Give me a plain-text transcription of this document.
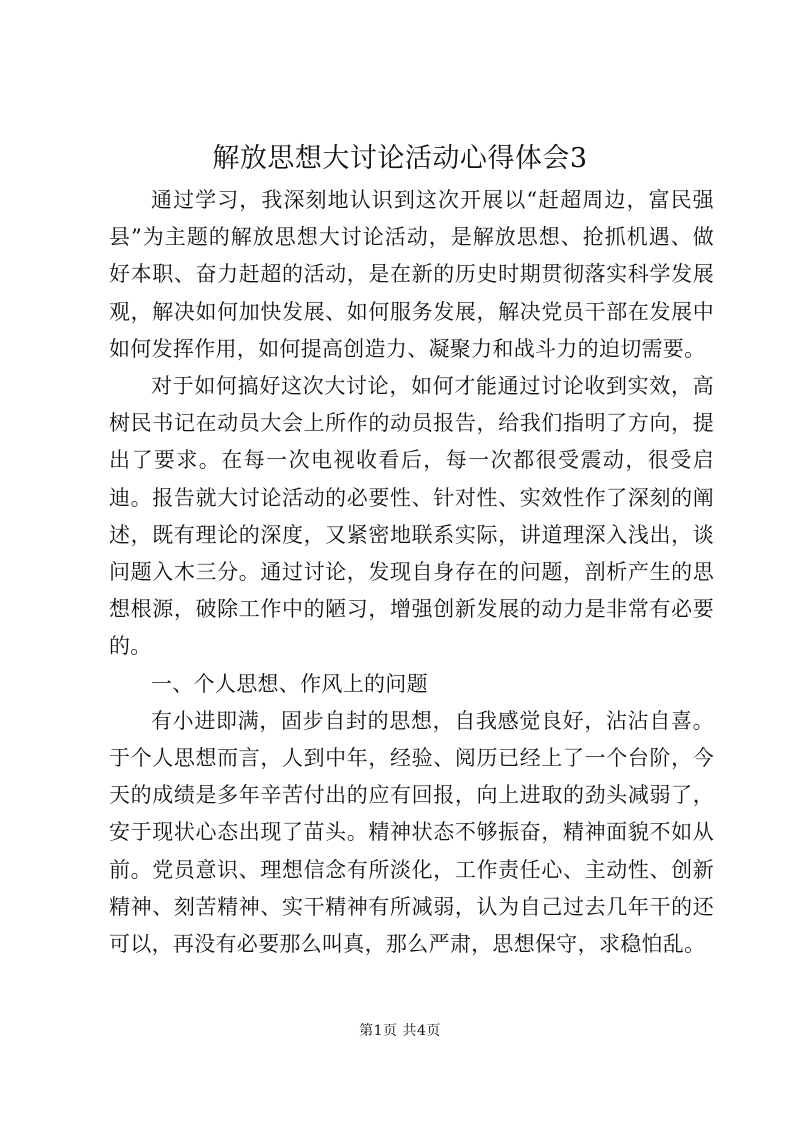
解放思想大讨论活动心得体会3

通过学习，我深刻地认识到这次开展以“赶超周边，富民强县”为主题的解放思想大讨论活动，是解放思想、抢抓机遇、做好本职、奋力赶超的活动，是在新的历史时期贯彻落实科学发展观，解决如何加快发展、如何服务发展，解决党员干部在发展中如何发挥作用，如何提高创造力、凝聚力和战斗力的迫切需要。

对于如何搞好这次大讨论，如何才能通过讨论收到实效，高树民书记在动员大会上所作的动员报告，给我们指明了方向，提出了要求。在每一次电视收看后，每一次都很受震动，很受启迪。报告就大讨论活动的必要性、针对性、实效性作了深刻的阐述，既有理论的深度，又紧密地联系实际，讲道理深入浅出，谈问题入木三分。通过讨论，发现自身存在的问题，剖析产生的思想根源，破除工作中的陋习，增强创新发展的动力是非常有必要的。

一、个人思想、作风上的问题

有小进即满，固步自封的思想，自我感觉良好，沾沾自喜。于个人思想而言，人到中年，经验、阅历已经上了一个台阶，今天的成绩是多年辛苦付出的应有回报，向上进取的劲头减弱了，安于现状心态出现了苗头。精神状态不够振奋，精神面貌不如从前。党员意识、理想信念有所淡化，工作责任心、主动性、创新精神、刻苦精神、实干精神有所减弱，认为自己过去几年干的还可以，再没有必要那么叫真，那么严肃，思想保守，求稳怕乱。

第1页 共4页
